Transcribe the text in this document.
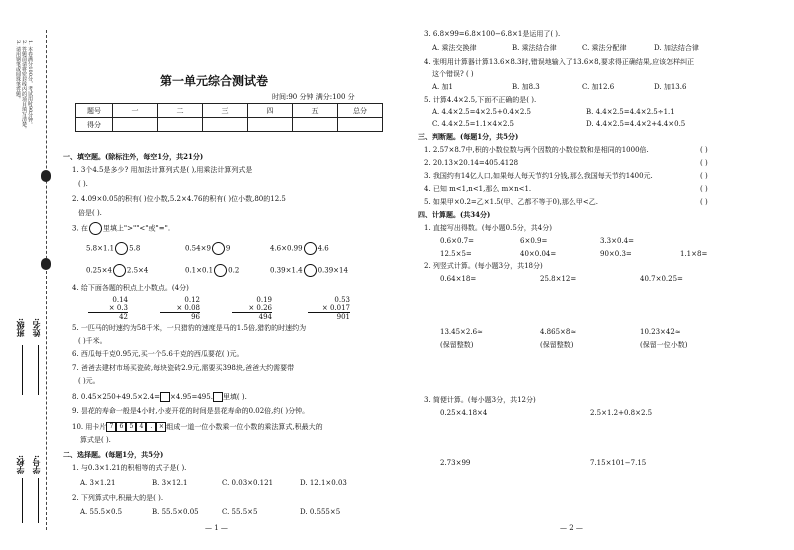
1. 本卷满分100分，考试用时90分钟。
2. 答题前请将密封线内的项目填写清楚。
3. 请用钢笔或圆珠笔答题。
班级: 姓名:
学校: 学号:
第一单元综合测试卷
时间:90 分钟 满分:100 分
题号	一	二	三	四	五	总分
得分						
一、填空题。(除标注外，每空1分，共21分)
1. 3个4.5是多少? 用加法计算列式是( ),用乘法计算列式是
( ).
2. 4.09×0.05的积有( )位小数,5.2×4.76的积有( )位小数,80的12.5
倍是( ).
3. 在 里填上">""<"或"=".
5.8×1.1 5.8	0.54×9 9	4.6×0.99 4.6
0.25×4 2.5×4	0.1×0.1 0.2	0.39×1.4 0.39×14
4. 给下面各题的积点上小数点。(4分)
0.14
× 0.3
42
0.12
× 0.08
96
0.19
× 0.26
494
0.53
× 0.017
901
5. 一匹马的时速约为58千米，一只猎豹的速度是马的1.5倍,猎豹的时速约为
( )千米。
6. 西瓜每千克0.95元,买一个5.6千克的西瓜要花( )元。
7. 爸爸去建材市场买瓷砖,每块瓷砖2.9元,需要买398块,爸爸大约需要带
( )元。
8. 0.45×250+49.5×2.4= ×4.95=495. 里填( ).
9. 昙花的寿命一般是4小时,小麦开花的时间是昙花寿命的0.02倍,约( )分钟。
10. 用卡片 7 6 5 4 . × 组成一道一位小数乘一位小数的乘法算式,积最大的
算式是( ).
二、选择题。(每题1分，共5分)
1. 与0.3×1.21的积相等的式子是( ).
A. 3×1.21	B. 3×12.1	C. 0.03×0.121	D. 12.1×0.03
2. 下列算式中,积最大的是( ).
A. 55.5×0.5	B. 55.5×0.05	C. 55.5×5	D. 0.555×5
— 1 —
3. 6.8×99=6.8×100−6.8×1是运用了( ).
A. 乘法交换律	B. 乘法结合律	C. 乘法分配律	D. 加法结合律
4. 张明用计算器计算13.6×8.3时,错误地输入了13.6×8,要求得正确结果,应该怎样纠正
这个错误? ( )
A. 加1	B. 加8.3	C. 加12.6	D. 加13.6
5. 计算4.4×2.5,下面不正确的是( ).
A. 4.4×2.5=4×2.5+0.4×2.5	B. 4.4×2.5=4.4×2.5÷1.1
C. 4.4×2.5=1.1×4×2.5	D. 4.4×2.5=4.4×2+4.4×0.5
三、判断题。(每题1分，共5分)
1. 2.57×8.7中,积的小数位数与两个因数的小数位数和是相同的1000倍.
2. 20.13×20.14=405.4128
3. 我国约有14亿人口,如果每人每天节约1分钱,那么我国每天节约1400元.
4. 已知 m<1,n<1,那么 m×n<1.
5. 如果甲×0.2=乙×1.5(甲、乙都不等于0),那么甲<乙.
( )
( )
( )
( )
( )
四、计算题。(共34分)
1. 直接写出得数。(每小题0.5分，共4分)
0.6×0.7=	6×0.9=	3.3×0.4=
12.5×5=	40×0.04=	90×0.3=	1.1×8=
2. 列竖式计算。(每小题3分，共18分)
0.64×18=	25.8×12=	40.7×0.25=
13.45×2.6≈	4.865×8≈	10.23×42≈
(保留整数)	(保留整数)	(保留一位小数)
3. 简便计算。(每小题3分，共12分)
0.25×4.18×4	2.5×1.2+0.8×2.5
2.73×99	7.15×101−7.15
— 2 —
